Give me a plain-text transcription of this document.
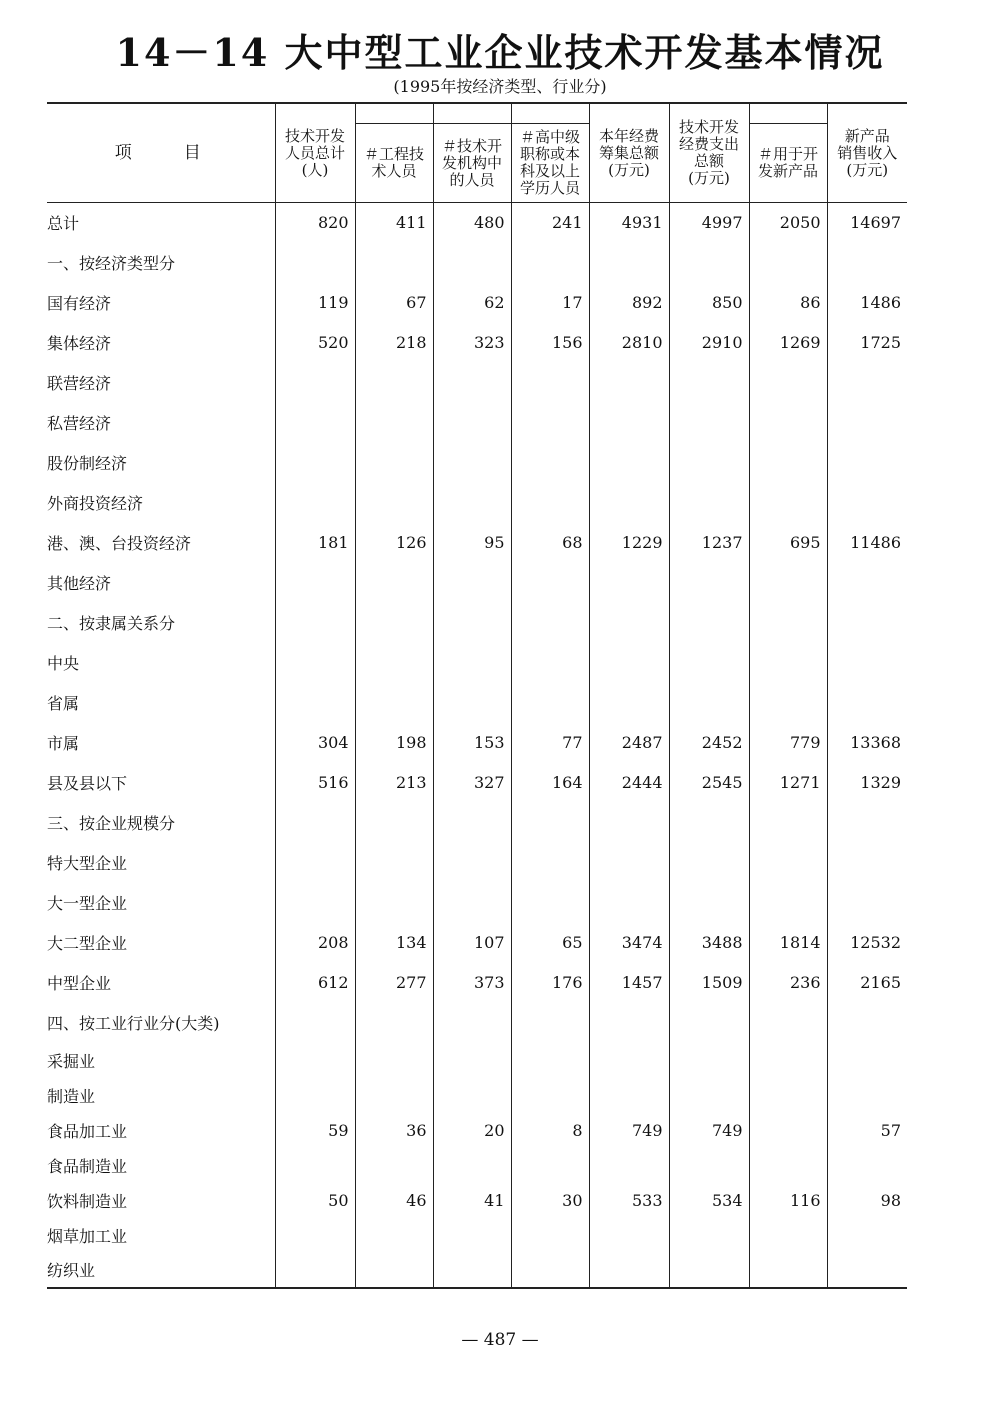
14－14 大中型工业企业技术开发基本情况
(1995年按经济类型、行业分)
项　　目	技术开发
人员总计
(人)	＃工程技
术人员	＃技术开
发机构中
的人员	＃高中级
职称或本
科及以上
学历人员	本年经费
筹集总额
(万元)	技术开发
经费支出
总额
(万元)	＃用于开
发新产品	新产品
销售收入
(万元)
总计	820	411	480	241	4931	4997	2050	14697
一、按经济类型分								
国有经济	119	67	62	17	892	850	86	1486
集体经济	520	218	323	156	2810	2910	1269	1725
联营经济								
私营经济								
股份制经济								
外商投资经济								
港、澳、台投资经济	181	126	95	68	1229	1237	695	11486
其他经济								
二、按隶属关系分								
中央								
省属								
市属	304	198	153	77	2487	2452	779	13368
县及县以下	516	213	327	164	2444	2545	1271	1329
三、按企业规模分								
特大型企业								
大一型企业								
大二型企业	208	134	107	65	3474	3488	1814	12532
中型企业	612	277	373	176	1457	1509	236	2165
四、按工业行业分(大类)								
采掘业								
制造业								
食品加工业	59	36	20	8	749	749		57
食品制造业								
饮料制造业	50	46	41	30	533	534	116	98
烟草加工业								
纺织业								
— 487 —
